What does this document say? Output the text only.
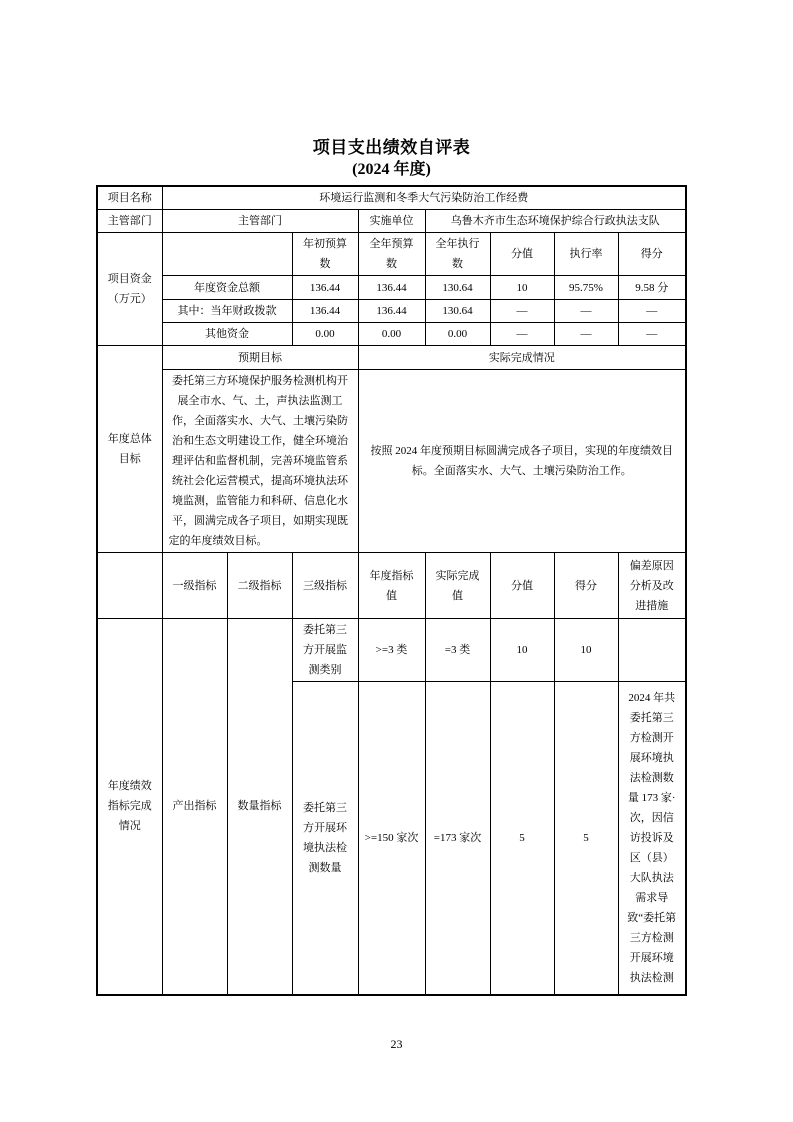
项目支出绩效自评表
(2024 年度)
项目名称	环境运行监测和冬季大气污染防治工作经费							
主管部门	主管部门			实施单位	乌鲁木齐市生态环境保护综合行政执法支队			
项目资金（万元）			年初预算数	全年预算数	全年执行数	分值	执行率	得分
	年度资金总额		136.44	136.44	130.64	10	95.75%	9.58 分
	其中：当年财政拨款		136.44	136.44	130.64	—	—	—
	其他资金		0.00	0.00	0.00	—	—	—
年度总体目标	预期目标			实际完成情况				
	委托第三方环境保护服务检测机构开展全市水、气、土，声执法监测工作，全面落实水、大气、土壤污染防治和生态文明建设工作，健全环境治理评估和监督机制，完善环境监管系统社会化运营模式，提高环境执法环境监测，监管能力和科研、信息化水平，圆满完成各子项目，如期实现既定的年度绩效目标。			按照 2024 年度预期目标圆满完成各子项目，实现的年度绩效目标。全面落实水、大气、土壤污染防治工作。				
	一级指标	二级指标	三级指标	年度指标值	实际完成值	分值	得分	偏差原因分析及改进措施
年度绩效指标完成情况	产出指标	数量指标	委托第三方开展监测类别	>=3 类	=3 类	10	10	
			委托第三方开展环境执法检测数量	>=150 家次	=173 家次	5	5	2024 年共委托第三方检测开展环境执法检测数量 173 家·次，因信访投诉及区（县）大队执法需求导致“委托第三方检测开展环境执法检测
23
